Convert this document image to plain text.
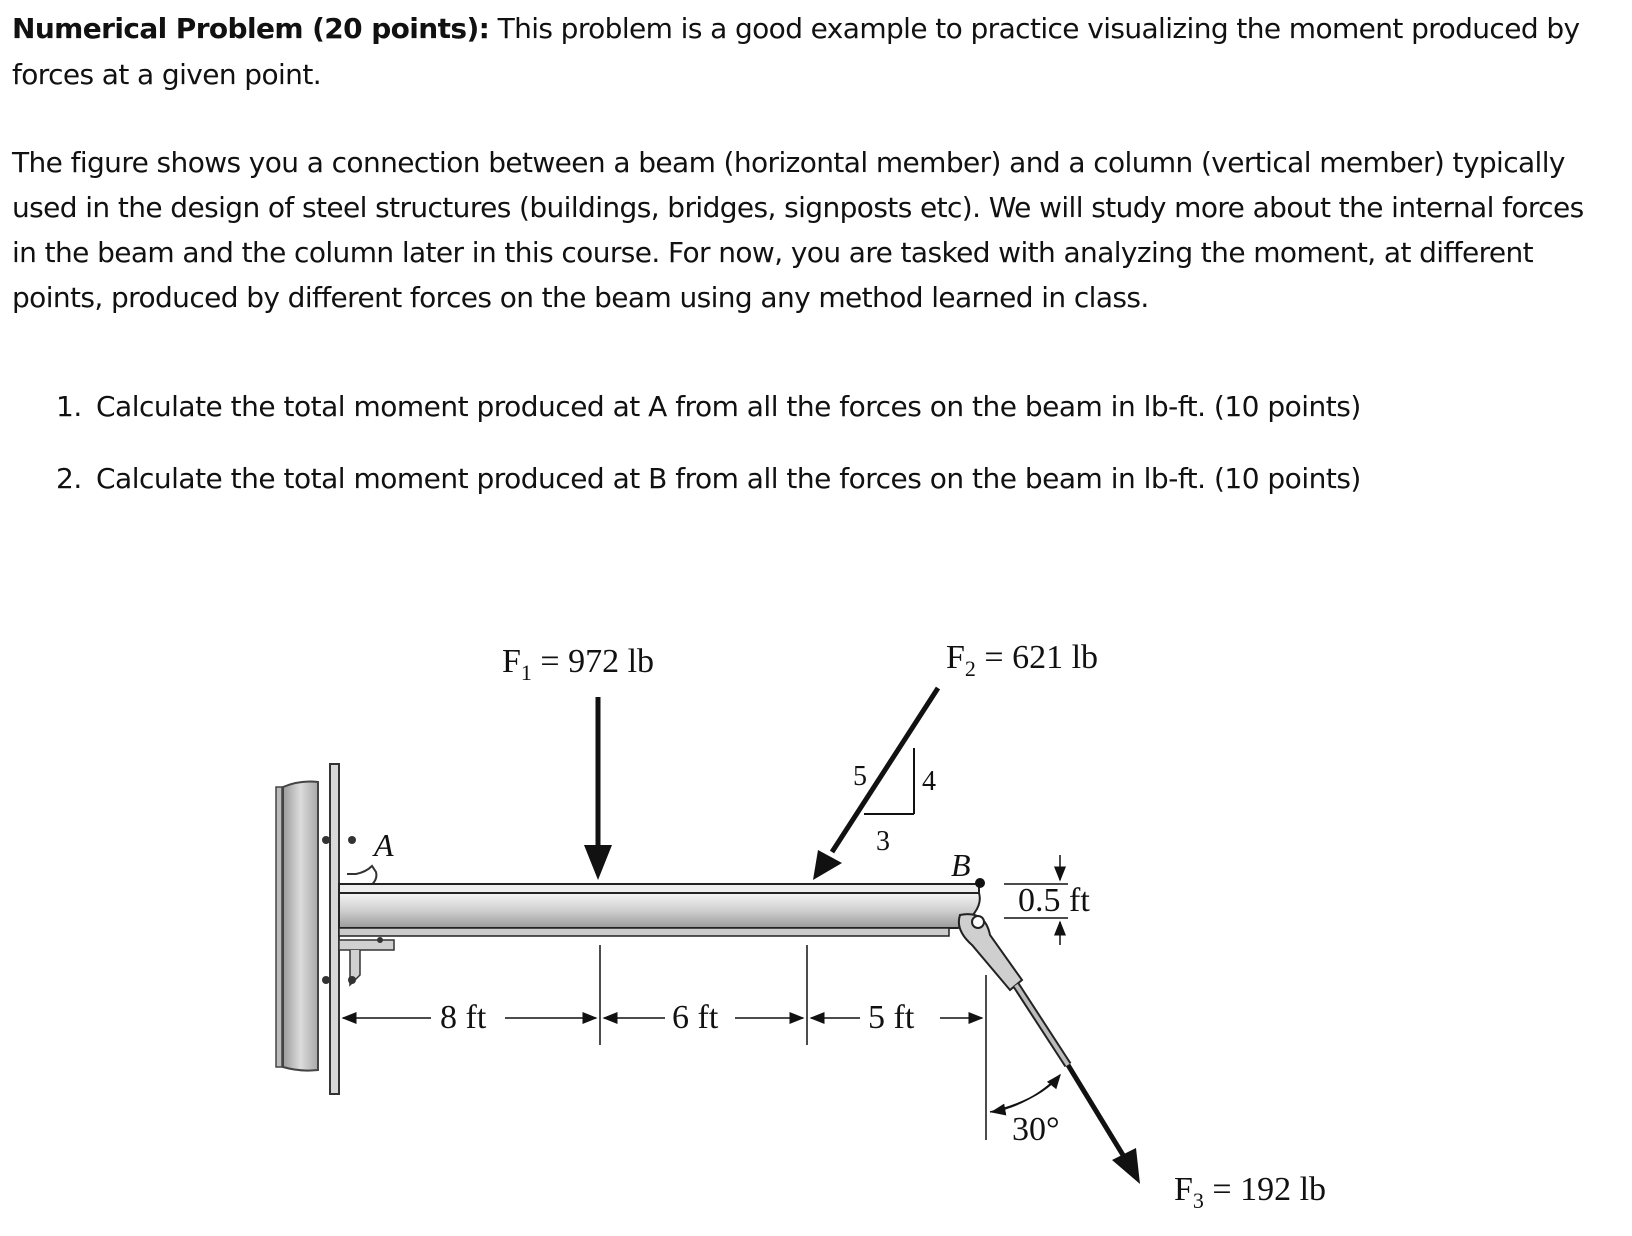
Numerical Problem (20 points): This problem is a good example to practice visualizing the moment produced by forces at a given point.
The figure shows you a connection between a beam (horizontal member) and a column (vertical member) typically used in the design of steel structures (buildings, bridges, signposts etc). We will study more about the internal forces in the beam and the column later in this course. For now, you are tasked with analyzing the moment, at different points, produced by different forces on the beam using any method learned in class.
1. Calculate the total moment produced at A from all the forces on the beam in lb-ft. (10 points)
2. Calculate the total moment produced at B from all the forces on the beam in lb-ft. (10 points)
A
B
$F_1 = 972$ lb	$F_2 = 621$ lb
5 4
3
0.5 ft
$F_3 = 192$ lb
30°
8 ft	6 ft	5 ft
